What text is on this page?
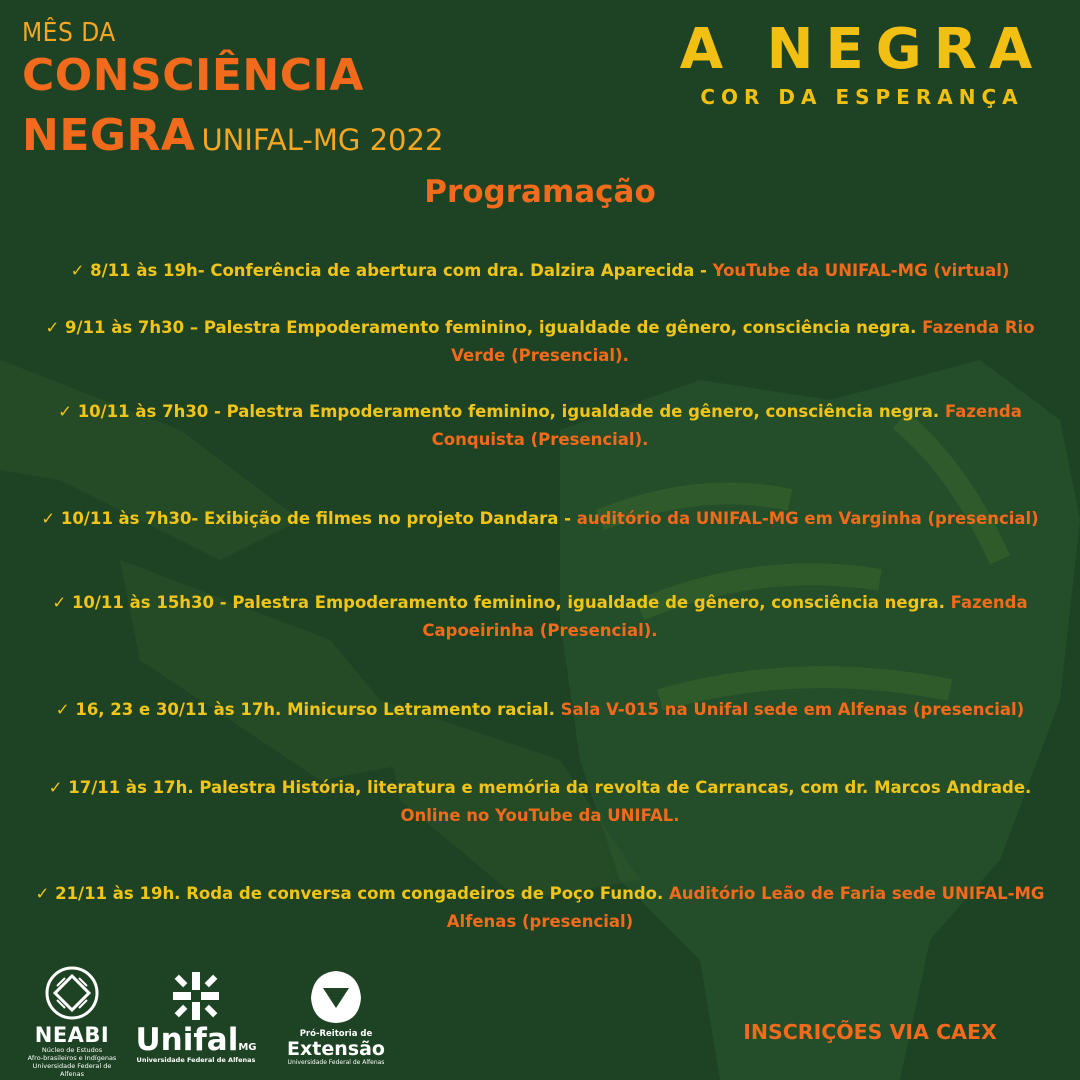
MÊS DA
CONSCIÊNCIA
NEGRA UNIFAL-MG 2022
A NEGRA
COR DA ESPERANÇA
Programação
✓ 8/11 às 19h- Conferência de abertura com dra. Dalzira Aparecida - YouTube da UNIFAL-MG (virtual)
✓ 9/11 às 7h30 – Palestra Empoderamento feminino, igualdade de gênero, consciência negra. Fazenda Rio Verde (Presencial).
✓ 10/11 às 7h30 - Palestra Empoderamento feminino, igualdade de gênero, consciência negra. Fazenda Conquista (Presencial).
✓ 10/11 às 7h30- Exibição de filmes no projeto Dandara - auditório da UNIFAL-MG em Varginha (presencial)
✓ 10/11 às 15h30 - Palestra Empoderamento feminino, igualdade de gênero, consciência negra. Fazenda Capoeirinha (Presencial).
✓ 16, 23 e 30/11 às 17h. Minicurso Letramento racial. Sala V-015 na Unifal sede em Alfenas (presencial)
✓ 17/11 às 17h. Palestra História, literatura e memória da revolta de Carrancas, com dr. Marcos Andrade. Online no YouTube da UNIFAL.
✓ 21/11 às 19h. Roda de conversa com congadeiros de Poço Fundo. Auditório Leão de Faria sede UNIFAL-MG Alfenas (presencial)
NEABI
Núcleo de Estudos
Afro-brasileiros e Indígenas
Universidade Federal de Alfenas
UnifalMG
Universidade Federal de Alfenas
Pró-Reitoria de
Extensão
Universidade Federal de Alfenas
INSCRIÇÕES VIA CAEX
